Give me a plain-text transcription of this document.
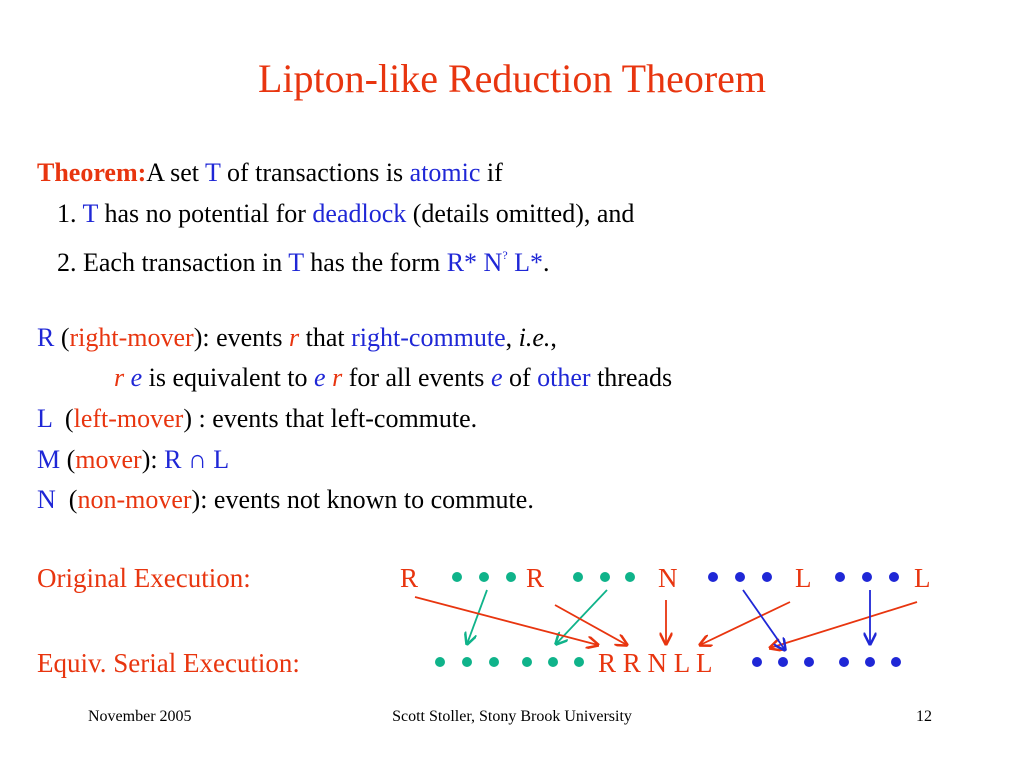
Lipton-like Reduction Theorem
Theorem:A set T of transactions is atomic if
1. T has no potential for deadlock (details omitted), and
2. Each transaction in T has the form R* N? L*.
R (right-mover): events r that right-commute, i.e.,
r e is equivalent to e r for all events e of other threads
L  (left-mover) : events that left-commute.
M (mover): R ∩ L
N  (non-mover): events not known to commute.
Original Execution:
Equiv. Serial Execution:
R	R	N	L	L
R R N L L
November 2005	Scott Stoller, Stony Brook University	12
